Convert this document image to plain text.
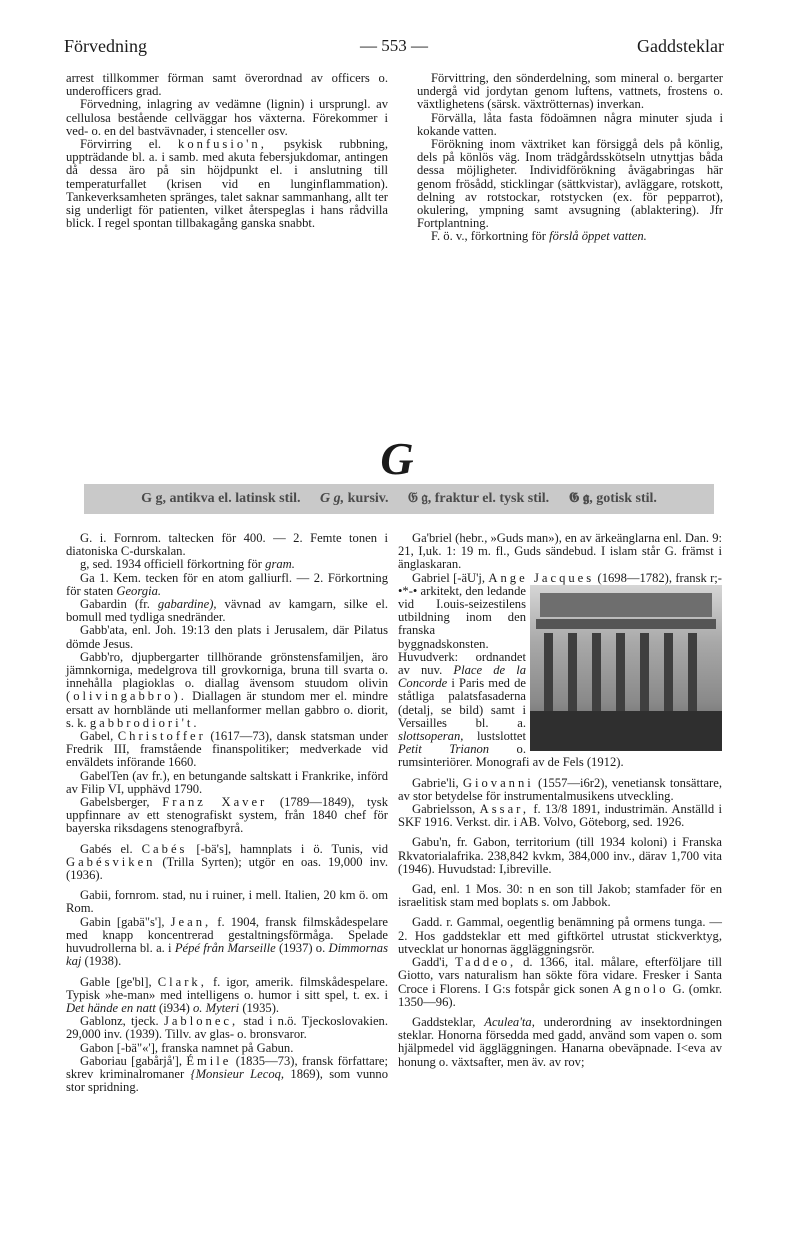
Förvedning	— 553 —	Gaddsteklar

arrest tillkommer förman samt överordnad av officers o. underofficers grad.

Förvedning, inlagring av vedämne (lignin) i ursprungl. av cellulosa bestående cellväggar hos växterna. Förekommer i ved- o. en del bastvävnader, i stenceller osv.

Förvirring el. konfusio'n, psykisk rubbning, uppträdande bl. a. i samb. med akuta febersjukdomar, antingen då dessa äro på sin höjdpunkt el. i anslutning till temperaturfallet (krisen vid en lunginflammation). Tankeverksamheten spränges, talet saknar sammanhang, allt ter sig underligt för patienten, vilket återspeglas i hans rådvilla blick. I regel spontan tillbakagång ganska snabbt.

Förvittring, den sönderdelning, som mineral o. bergarter undergå vid jordytan genom luftens, vattnets, frostens o. växtlighetens (särsk. växtrötternas) inverkan.

Förvälla, låta fasta födoämnen några minuter sjuda i kokande vatten.

Förökning inom växtriket kan försiggå dels på könlig, dels på könlös väg. Inom trädgårdsskötseln utnyttjas båda dessa möjligheter. Individförökning åvägabringas här genom frösådd, sticklingar (sättkvistar), avläggare, rotskott, delning av rotstockar, rotstycken (ex. för pepparrot), okulering, ympning samt avsugning (ablaktering). Jfr Fortplantning.

F. ö. v., förkortning för förslå öppet vatten.

G
G g, antikva el. latinsk stil. G g, kursiv. 𝔊 𝔤, fraktur el. tysk stil. 𝕲 𝖌, gotisk stil.

G. i. Fornrom. taltecken för 400. — 2. Femte tonen i diatoniska C-durskalan.

g, sed. 1934 officiell förkortning för gram.

Ga 1. Kem. tecken för en atom galliurfl. — 2. Förkortning för staten Georgia.

Gabardin (fr. gabardine), vävnad av kamgarn, silke el. bomull med tydliga snedränder.

Gabb'ata, enl. Joh. 19:13 den plats i Jerusalem, där Pilatus dömde Jesus.

Gabb'ro, djupbergarter tillhörande grönstensfamiljen, äro jämnkorniga, medelgrova till grovkorniga, bruna till svarta o. innehålla plagioklas o. diallag ävensom stuudom olivin (olivingabbro). Diallagen är stundom mer el. mindre ersatt av hornblände uti mellanformer mellan gabbro o. diorit, s. k. gabbrodiori't.

Gabel, Christoffer (1617—73), dansk statsman under Fredrik III, framstående finanspolitiker; medverkade vid enväldets införande 1660.

GabelTen (av fr.), en betungande saltskatt i Frankrike, införd av Filip VI, upphävd 1790.

Gabelsberger, Franz Xaver (1789—1849), tysk uppfinnare av ett stenografiskt system, från 1840 chef för bayerska riksdagens stenografbyrå.

Gabés el. Cabés [-bä's], hamnplats i ö. Tunis, vid Gabésviken (Trilla Syrten); utgör en oas. 19,000 inv. (1936).

Gabii, fornrom. stad, nu i ruiner, i mell. Italien, 20 km ö. om Rom.

Gabin [gabä"s'], Jean, f. 1904, fransk filmskådespelare med knapp koncentrerad gestaltningsförmåga. Spelade huvudrollerna bl. a. i Pépé från Marseille (1937) o. Dimmornas kaj (1938).

Gable [ge'bl], Clark, f. igor, amerik. filmskådespelare. Typisk »he-man» med intelligens o. humor i sitt spel, t. ex. i Det hände en natt (i934) o. Myteri (1935).

Gablonz, tjeck. Jablonec, stad i n.ö. Tjeckoslovakien. 29,000 inv. (1939). Tillv. av glas- o. bronsvaror.

Gabon [-bä"«'], franska namnet på Gabun.

Gaboriau [gabårjå'], Émile (1835—73), fransk författare; skrev kriminalromaner {Monsieur Lecoq, 1869), som vunno stor spridning.

Ga'briel (hebr., »Guds man»), en av ärkeänglarna enl. Dan. 9: 21, I,uk. 1: 19 m. fl., Guds sändebud. I islam står G. främst i änglaskaran.

Gabriel [-äU'j, Ange Jacques (1698—1782), fransk r;-•*-• arkitekt, den ledande vid I.ouis-seizestilens utbildning inom den franska byggnadskonsten. Huvudverk: ordnandet av nuv. Place de la Concorde i Paris med de ståtliga palatsfasaderna (detalj, se bild) samt i Versailles bl. a. slottsoperan, lustslottet Petit Trianon o. rumsinteriörer. Monografi av de Fels (1912).

Gabrie'li, Giovanni (1557—i6r2), venetiansk tonsättare, av stor betydelse för instrumentalmusikens utveckling.

Gabrielsson, Assar, f. 13/8 1891, industrimän. Anställd i SKF 1916. Verkst. dir. i AB. Volvo, Göteborg, sed. 1926.

Gabu'n, fr. Gabon, territorium (till 1934 koloni) i Franska Rkvatorialafrika. 238,842 kvkm, 384,000 inv., därav 1,700 vita (1946). Huvudstad: I,ibreville.

Gad, enl. 1 Mos. 30: n en son till Jakob; stamfader för en israelitisk stam med boplats s. om Jabbok.

Gadd. r. Gammal, oegentlig benämning på ormens tunga. — 2. Hos gaddsteklar ett med giftkörtel utrustat stickverktyg, utvecklat ur honornas äggläggningsrör.

Gadd'i, Taddeo, d. 1366, ital. målare, efterföljare till Giotto, vars naturalism han sökte föra vidare. Fresker i Santa Croce i Florens. I G:s fotspår gick sonen Agnolo G. (omkr. 1350—96).

Gaddsteklar, Aculea'ta, underordning av insektordningen steklar. Honorna försedda med gadd, använd som vapen o. som hjälpmedel vid äggläggningen. Hanarna obeväpnade. I<eva av honung o. växtsafter, men äv. av rov;
